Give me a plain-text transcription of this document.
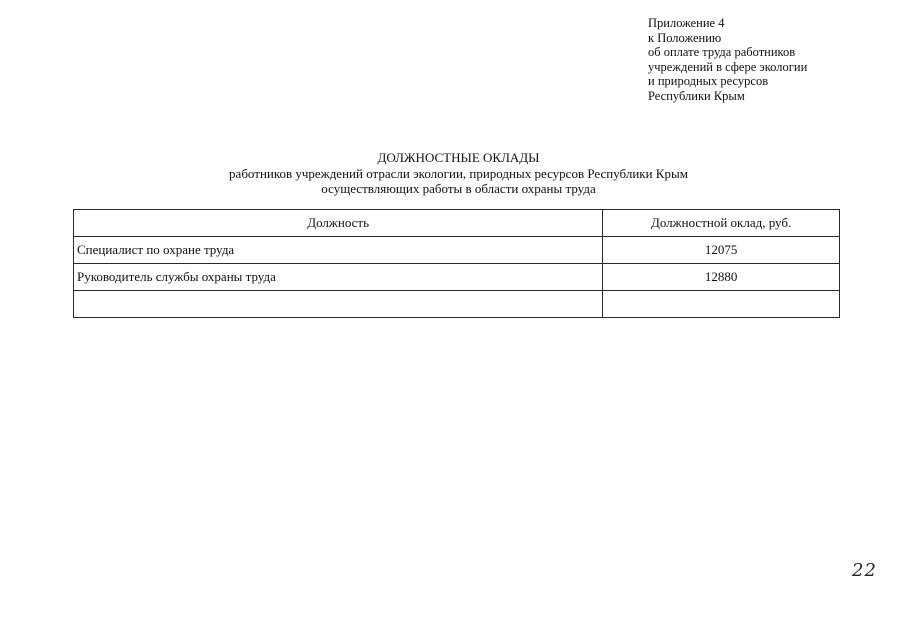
Приложение 4
к Положению
об оплате труда работников
учреждений в сфере экологии
и природных ресурсов
Республики Крым
ДОЛЖНОСТНЫЕ ОКЛАДЫ
работников учреждений отрасли экологии, природных ресурсов Республики Крым
осуществляющих работы в области охраны труда
Должность	Должностной оклад, руб.
Специалист по охране труда	12075
Руководитель службы охраны труда	12880

22
